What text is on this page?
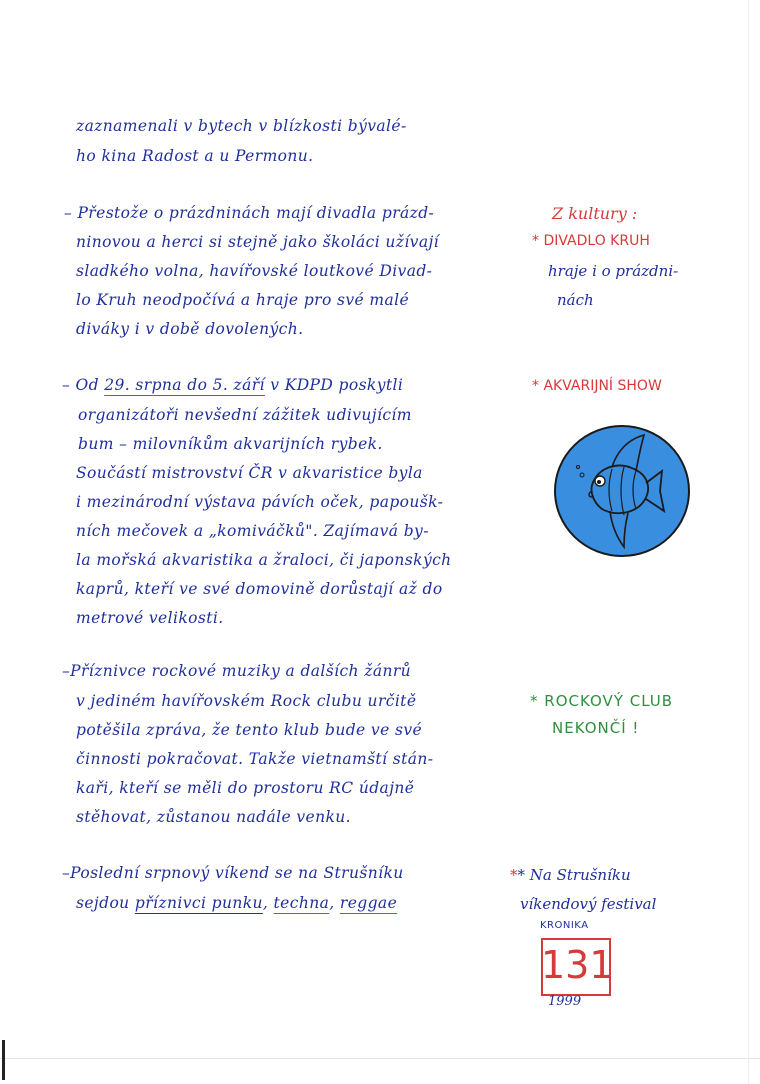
zaznamenali v bytech v blízkosti bývalé-
ho kina Radost a u Permonu.
– Přestože o prázdninách mají divadla prázd-
ninovou a herci si stejně jako školáci užívají
sladkého volna, havířovské loutkové Divad-
lo Kruh neodpočívá a hraje pro své malé
diváky i v době dovolených.
– Od 29. srpna do 5. září v KDPD poskytli
organizátoři nevšední zážitek udivujícím
bum – milovníkům akvarijních rybek.
Součástí mistrovství ČR v akvaristice byla
i mezinárodní výstava pávích oček, papoušk-
ních mečovek a „komiváčků". Zajímavá by-
la mořská akvaristika a žraloci, či japonských
kaprů, kteří ve své domovině dorůstají až do
metrové velikosti.
–Příznivce rockové muziky a dalších žánrů
v jediném havířovském Rock clubu určitě
potěšila zpráva, že tento klub bude ve své
činnosti pokračovat. Takže vietnamští stán-
kaři, kteří se měli do prostoru RC údajně
stěhovat, zůstanou nadále venku.
–Poslední srpnový víkend se na Strušníku
sejdou příznivci punku, techna, reggae
Z kultury :
* DIVADLO KRUH
hraje i o prázdni-
nách
* AKVARIJNÍ SHOW
* ROCKOVÝ CLUB
NEKONČÍ !
** Na Strušníku
víkendový festival
KRONIKA
131
1999
